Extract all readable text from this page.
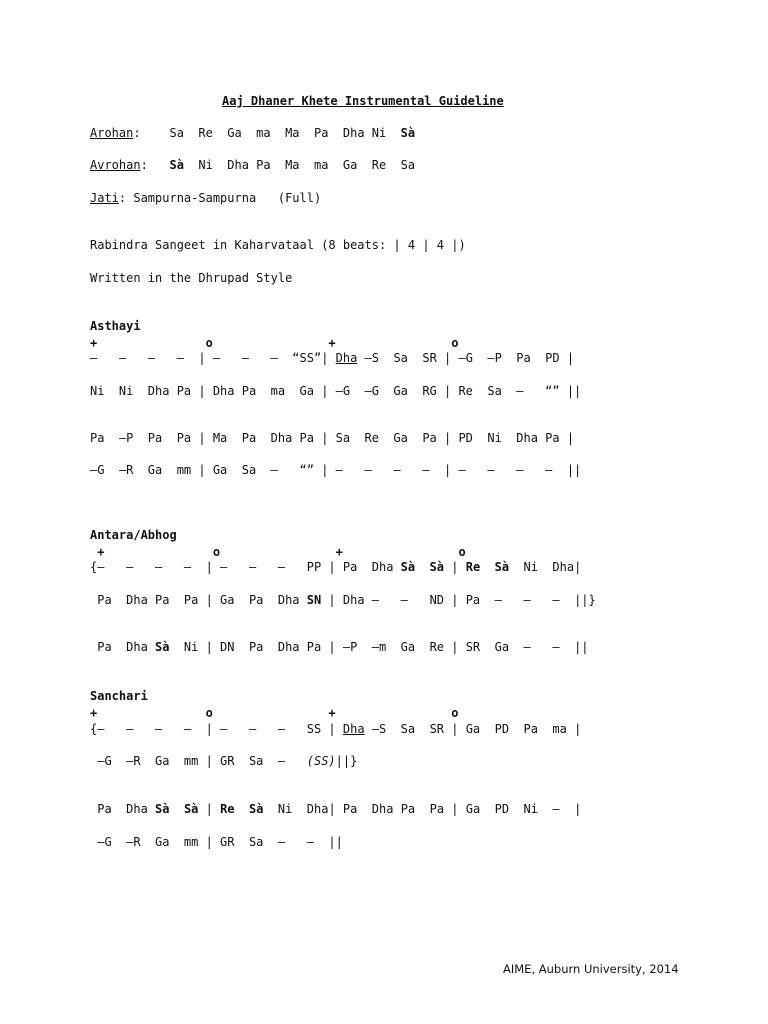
Aaj Dhaner Khete Instrumental Guideline
Arohan:    Sa  Re  Ga  ma  Ma  Pa  Dha Ni  Sà
Avrohan:   Sà  Ni  Dha Pa  Ma  ma  Ga  Re  Sa
Jati: Sampurna-Sampurna   (Full)
Rabindra Sangeet in Kaharvataal (8 beats: | 4 | 4 |)
Written in the Dhrupad Style
Asthayi
+               o                +                o
–   –   –   –  | –   –   –  “SS”| Dha –S  Sa  SR | –G  –P  Pa  PD |
Ni  Ni  Dha Pa | Dha Pa  ma  Ga | –G  –G  Ga  RG | Re  Sa  –   “” ||
Pa  –P  Pa  Pa | Ma  Pa  Dha Pa | Sa  Re  Ga  Pa | PD  Ni  Dha Pa |
–G  –R  Ga  mm | Ga  Sa  –   “” | –   –   –   –  | –   –   –   –  ||
Antara/Abhog
+               o                +                o
{–   –   –   –  | –   –   –   PP | Pa  Dha Sà Sà | Re Sà  Ni  Dha|
Pa  Dha Pa  Pa | Ga  Pa  Dha SN | Dha –   –   ND | Pa  –   –   –  ||}
Pa  Dha Sà  Ni | DN  Pa  Dha Pa | –P  –m  Ga  Re | SR  Ga  –   –  ||
Sanchari
+               o                +                o
{–   –   –   –  | –   –   –   SS | Dha –S  Sa  SR | Ga  PD  Pa  ma |
–G  –R  Ga  mm | GR  Sa  –   (SS)||}
Pa  Dha Sà Sà | Re Sà  Ni  Dha| Pa  Dha Pa  Pa | Ga  PD  Ni  –  |
–G  –R  Ga  mm | GR  Sa  –   –  ||
AIME, Auburn University, 2014
